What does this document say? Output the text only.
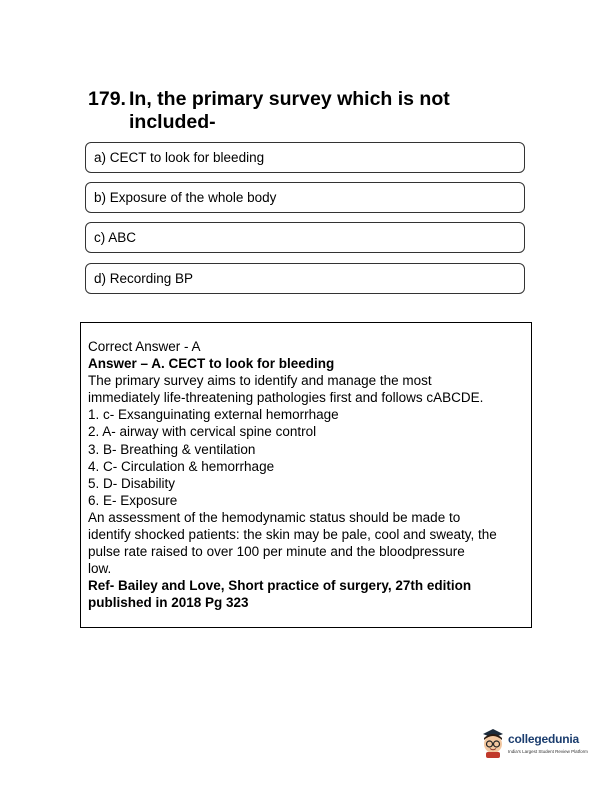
179. In, the primary survey which is not
included-
a) CECT to look for bleeding
b) Exposure of the whole body
c) ABC
d) Recording BP
Correct Answer - A
Answer – A. CECT to look for bleeding
The primary survey aims to identify and manage the most
immediately life-threatening pathologies first and follows cABCDE.
1. c- Exsanguinating external hemorrhage
2. A- airway with cervical spine control
3. B- Breathing & ventilation
4. C- Circulation & hemorrhage
5. D- Disability
6. E- Exposure
An assessment of the hemodynamic status should be made to
identify shocked patients: the skin may be pale, cool and sweaty, the
pulse rate raised to over 100 per minute and the bloodpressure
low.
Ref- Bailey and Love, Short practice of surgery, 27th edition
published in 2018 Pg 323
collegedunia
India's Largest Student Review Platform
